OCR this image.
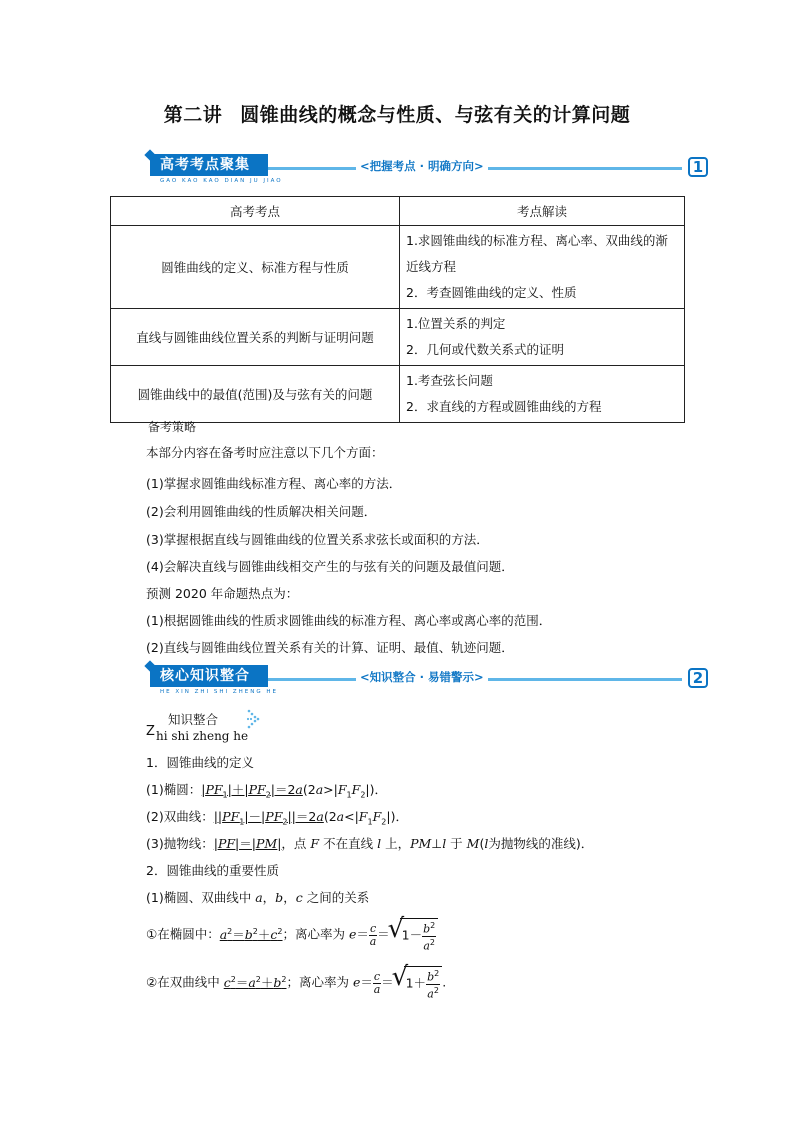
第二讲 圆锥曲线的概念与性质、与弦有关的计算问题
高考考点聚集
GAO KAO KAO DIAN JU JIAO
<把握考点 · 明确方向>	1
高考考点	考点解读
圆锥曲线的定义、标准方程与性质	1.求圆锥曲线的标准方程、离心率、双曲线的渐近线方程
2．考查圆锥曲线的定义、性质

直线与圆锥曲线位置关系的判断与证明问题	1.位置关系的判定
2．几何或代数关系式的证明

圆锥曲线中的最值(范围)及与弦有关的问题	1.考查弦长问题
2．求直线的方程或圆锥曲线的方程
备考策略
本部分内容在备考时应注意以下几个方面：
(1)掌握求圆锥曲线标准方程、离心率的方法．
(2)会利用圆锥曲线的性质解决相关问题．
(3)掌握根据直线与圆锥曲线的位置关系求弦长或面积的方法．
(4)会解决直线与圆锥曲线相交产生的与弦有关的问题及最值问题．
预测 2020 年命题热点为：
(1)根据圆锥曲线的性质求圆锥曲线的标准方程、离心率或离心率的范围．
(2)直线与圆锥曲线位置关系有关的计算、证明、最值、轨迹问题．
核心知识整合
HE XIN ZHI SHI ZHENG HE
<知识整合 · 易错警示>	2
Z
知识整合
hi shi zheng he
1．圆锥曲线的定义
(1)椭圆：$|PF_1|+|PF_2|=2a(2a>|F_1F_2|)$．
(2)双曲线：$||PF_1|-|PF_2||=2a(2a<|F_1F_2|)$．
(3)抛物线：|PF|＝|PM|，点 F 不在直线 l 上，PM⊥l 于 M(l为抛物线的准线)．
2．圆锥曲线的重要性质
(1)椭圆、双曲线中 a，b，c 之间的关系
①在椭圆中：$a^2=b^2+c^2$；离心率为 $e= \frac{c}{a}$ ＝ √ $1- \frac{b^2}{a^2}$
②在双曲线中 $c^2=a^2+b^2$；离心率为 $e= \frac{c}{a}$ ＝ √ $1+ \frac{b^2}{a^2}$ .
